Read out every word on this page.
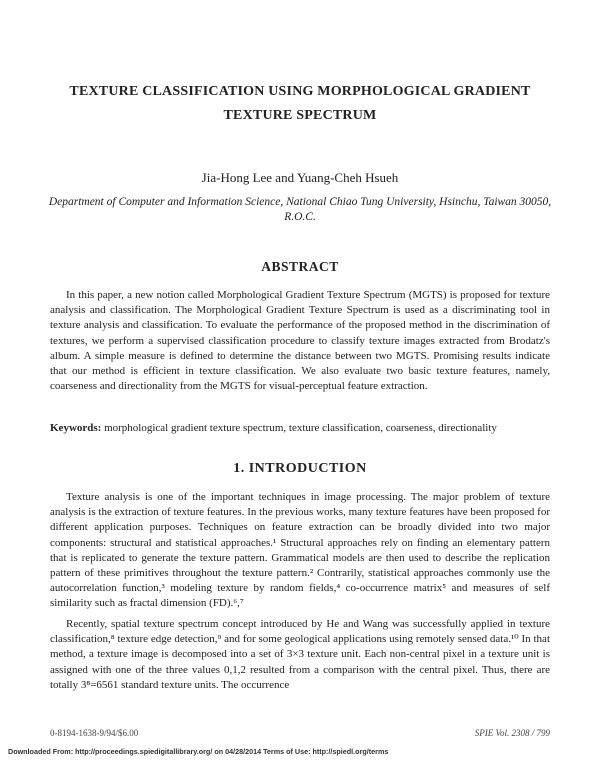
TEXTURE CLASSIFICATION USING MORPHOLOGICAL GRADIENT
TEXTURE SPECTRUM
Jia-Hong Lee and Yuang-Cheh Hsueh
Department of Computer and Information Science, National Chiao Tung University, Hsinchu, Taiwan 30050, R.O.C.
ABSTRACT
In this paper, a new notion called Morphological Gradient Texture Spectrum (MGTS) is proposed for texture analysis and classification. The Morphological Gradient Texture Spectrum is used as a discriminating tool in texture analysis and classification. To evaluate the performance of the proposed method in the discrimination of textures, we perform a supervised classification procedure to classify texture images extracted from Brodatz's album. A simple measure is defined to determine the distance between two MGTS. Promising results indicate that our method is efficient in texture classification. We also evaluate two basic texture features, namely, coarseness and directionality from the MGTS for visual-perceptual feature extraction.
Keywords: morphological gradient texture spectrum, texture classification, coarseness, directionality
1. INTRODUCTION
Texture analysis is one of the important techniques in image processing. The major problem of texture analysis is the extraction of texture features. In the previous works, many texture features have been proposed for different application purposes. Techniques on feature extraction can be broadly divided into two major components: structural and statistical approaches.¹ Structural approaches rely on finding an elementary pattern that is replicated to generate the texture pattern. Grammatical models are then used to describe the replication pattern of these primitives throughout the texture pattern.² Contrarily, statistical approaches commonly use the autocorrelation function,³ modeling texture by random fields,⁴ co-occurrence matrix⁵ and measures of self similarity such as fractal dimension (FD).⁶,⁷
Recently, spatial texture spectrum concept introduced by He and Wang was successfully applied in texture classification,⁸ texture edge detection,⁹ and for some geological applications using remotely sensed data.¹⁰ In that method, a texture image is decomposed into a set of 3×3 texture unit. Each non-central pixel in a texture unit is assigned with one of the three values 0,1,2 resulted from a comparison with the central pixel. Thus, there are totally 3⁸=6561 standard texture units. The occurrence
0-8194-1638-9/94/$6.00	SPIE Vol. 2308 / 799
Downloaded From: http://proceedings.spiedigitallibrary.org/ on 04/28/2014 Terms of Use: http://spiedl.org/terms
